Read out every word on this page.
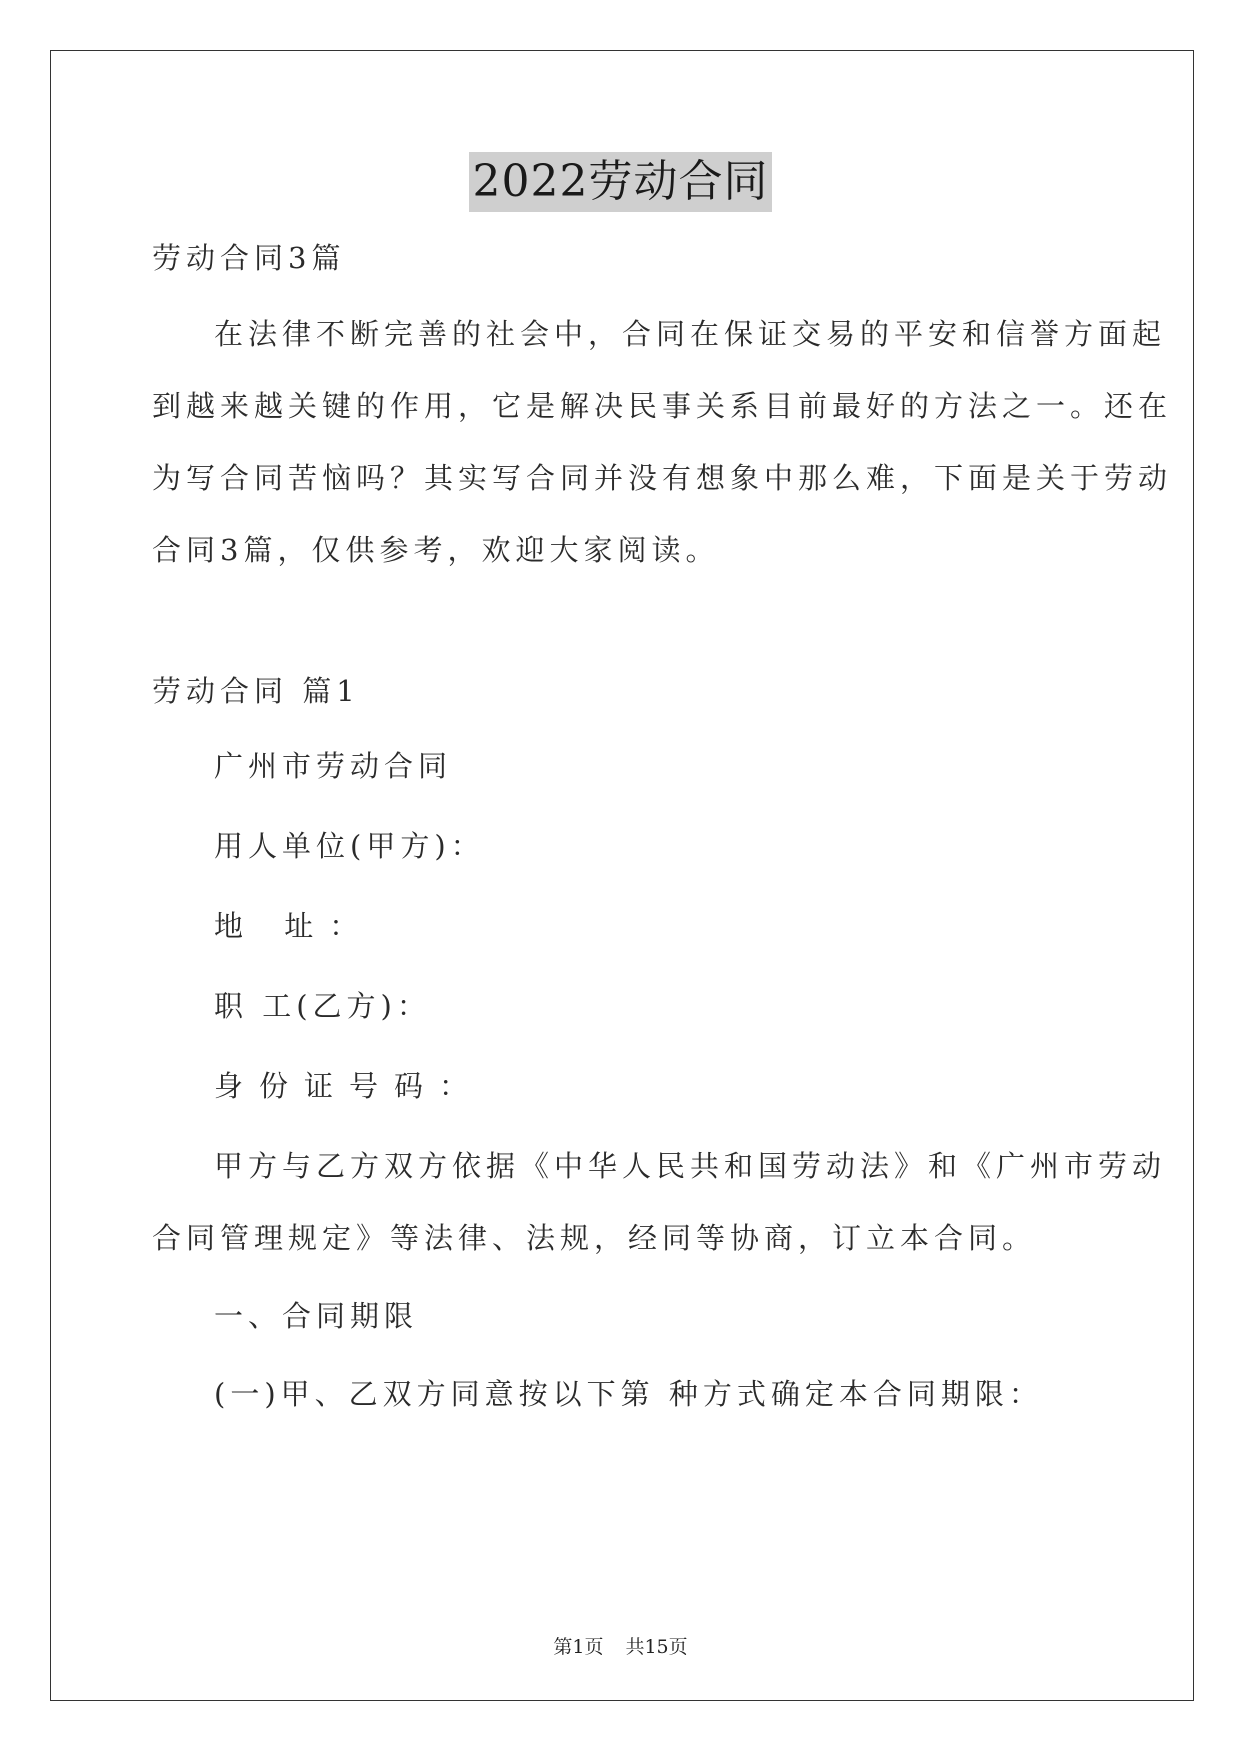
2022劳动合同
劳动合同3篇
在法律不断完善的社会中，合同在保证交易的平安和信誉方面起
到越来越关键的作用，它是解决民事关系目前最好的方法之一。还在
为写合同苦恼吗？其实写合同并没有想象中那么难，下面是关于劳动
合同3篇，仅供参考，欢迎大家阅读。
劳动合同 篇1
广州市劳动合同
用人单位(甲方)：
地 址：
职 工(乙方)：
身份证号码：
甲方与乙方双方依据《中华人民共和国劳动法》和《广州市劳动
合同管理规定》等法律、法规，经同等协商，订立本合同。
一、合同期限
(一)甲、乙双方同意按以下第 种方式确定本合同期限：
第1页 共15页
